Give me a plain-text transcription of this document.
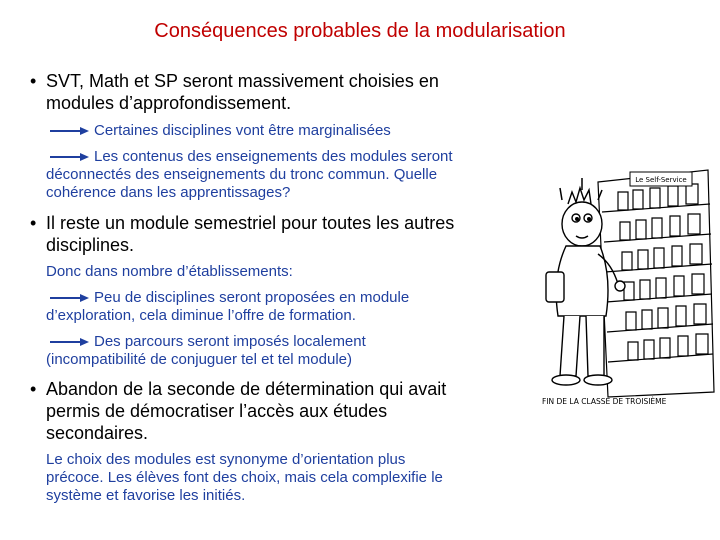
Conséquences probables de la modularisation
• SVT, Math et SP seront massivement choisies en
modules d’approfondissement.
Certaines disciplines vont être marginalisées
Les contenus des enseignements des modules seront
déconnectés des enseignements du tronc commun. Quelle
cohérence dans les apprentissages?
• Il reste un module semestriel pour toutes les autres
disciplines.
Donc dans nombre d’établissements:
Peu de disciplines seront proposées en module
d’exploration, cela diminue l’offre de formation.
Des parcours seront imposés localement
(incompatibilité de conjuguer tel et tel module)
• Abandon de la seconde de détermination qui avait
permis de démocratiser l’accès aux études
secondaires.
Le choix des modules est synonyme d’orientation plus
précoce. Les élèves font des choix, mais cela complexifie le
système et favorise les initiés.
Le Self-Service
FIN DE LA CLASSE DE TROISIÈME
